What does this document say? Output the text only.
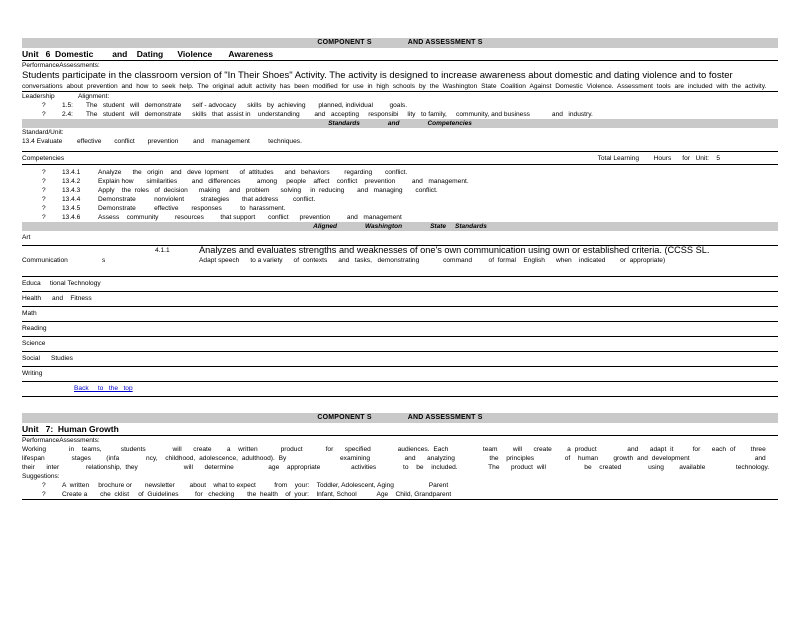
COMPONENT S	AND ASSESSMENT S
Unit   6  Domestic        and    Dating      Violence       Awareness
PerformanceAssessments:
Students participate in the classroom version of "In Their Shoes" Activity. The activity is designed to increase awareness about domestic and dating violence and to foster
conversations about prevention and how to seek help. The original adult activity has been modified for use in high schools by the Washington State Coalition Against Domestic Violence. Assessment tools are included with the activity.
Leadership	Alignment:
?	1.5:	The   student   will   demonstrate      self - advocacy      skills   by  achieving       planned, individual         goals.
?	2.4:	The   student   will   demonstrate      skills   that  assist in    understanding        and   accepting     responsibi     lity   to family,     community, and business            and   industry.
Standards	and	Competencies
Standard/Unit:
13.4 Evaluate        effective       conflict       prevention        and    management          techniques.
Competencies	Total Learning        Hours      for   Unit:    5
?	13.4.1	Analyze      the   origin    and   deve  lopment      of  attitudes      and   behaviors        regarding       conflict.
?	13.4.2	Explain how       similarities        and   differences         among     people    affect    conflict    prevention         and   management.
?	13.4.3	Apply    the  roles   of  decision      making     and   problem      solving     in  reducing       and   managing       conflict.
?	13.4.4	Demonstrate          nonviolent         strategies       that address        conflict.
?	13.4.5	Demonstrate          effective       responses          to  harassment.
?	13.4.6	Assess    community         resources         that support       conflict      prevention         and   management
Aligned	Washington	State     Standards
Art
Communication	s
4.1.1	Analyzes and evaluates strengths and weaknesses of one's own communication using own or established criteria. (CCSS SL.
Adapt speech      to a variety      of  contexts      and   tasks,   demonstrating             command         of  formal    English      when    indicated        or  appropriate)
Educa     tional Technology
Health      and    Fitness
Math
Reading
Science
Social      Studies
Writing
Back     to   the   top
COMPONENT S	AND ASSESSMENT S
Unit   7:  Human Growth
PerformanceAssessments:
Working      in  teams,     students       will   create    a  written      product      for   specified       audiences. Each         team    will   create    a product        and   adapt it     for   each of    three   lifespan       stages    (infa       ncy,  childhood, adolescence, adulthood). By              examining         and   analyzing         the  principles        of  human    growth and development                 and   their   inter       relationship, they            will   determine         age  appropriate        activities       to  be  included.        The   product will          be  created       using    available        technology.
Suggestions:
?	A  written     brochure or       newsletter        about    what to expect          from    your:    Toddler, Adolescent, Aging                   Parent
?	Create a       che  cklist     of  Guidelines         for   checking       the  health    of  your:    Infant, School           Age    Child, Grandparent
